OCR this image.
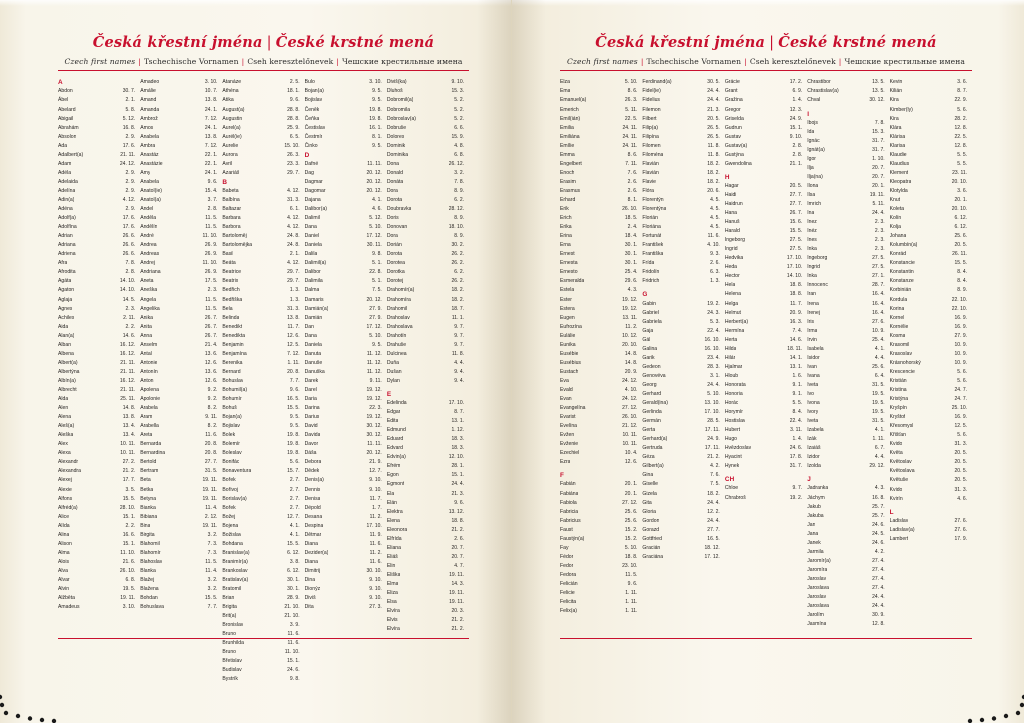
Česká křestní jména | České krstné mená
Czech first names | Tschechische Vornamen | Cseh keresztelőnevek | Чешские крестильные имена
A
Abdon	30. 7.
Ábel	2. 1.
Abelard	5. 8.
Abigail	5. 12.
Abrahám	16. 8.
Absolon	2. 9.
Ada	17. 6.
Adalbert(a)	21. 11.
Adam	24. 12.
Adéla	2. 9.
Adelaida	2. 9.
Adelína	2. 9.
Adin(a)	4. 12.
Adéna	2. 9.
Adolf(a)	17. 6.
Adolfína	17. 6.
Adrian	26. 6.
Adriana	26. 6.
Adriena	26. 6.
Afra	7. 8.
Afrodita	2. 8.
Agáta	14. 10.
Agaton	14. 10.
Aglaja	14. 5.
Agnes	2. 3.
Achiles	2. 11.
Aida	2. 2.
Alan(a)	14. 6.
Alban	16. 12.
Albena	16. 12.
Albert(a)	21. 11.
Albertýna	21. 11.
Albín(a)	16. 12.
Albrecht	21. 11.
Alda	25. 11.
Alen	14. 8.
Alena	13. 8.
Aleš(a)	13. 4.
Aleška	13. 4.
Alex	10. 11.
Alexa	10. 11.
Alexandr	27. 2.
Alexandra	21. 2.
Alexej	17. 7.
Alexie	3. 5.
Alfons	15. 5.
Alfréd(a)	28. 10.
Alice	15. 1.
Alída	2. 2.
Alina	16. 6.
Alison	15. 1.
Alma	11. 10.
Alois	21. 6.
Alva	26. 10.
Alvar	6. 8.
Alvin	19. 5.
Alžběta	19. 11.
Amadeus	3. 10.
Amadeo	3. 10.
Amálie	10. 7.
Amand	13. 8.
Amanda	24. 1.
Ambrož	7. 12.
Amos	24. 1.
Anabela	13. 8.
Ambra	7. 12.
Anastáz	22. 1.
Anastázie	22. 1.
Amy	24. 1.
Anabela	9. 6.
Anatol(ie)	15. 4.
Anatol(a)	3. 7.
Andel	2. 8.
Anděla	11. 5.
Andělín	11. 5.
André	11. 10.
Andrea	26. 9.
Andreas	26. 9.
Andrej	11. 10.
Andriana	26. 9.
Aneta	17. 5.
Aneška	2. 3.
Angela	11. 5.
Angelika	11. 5.
Anika	26. 7.
Anita	26. 7.
Anna	26. 7.
Anselm	21. 4.
Antal	13. 6.
Antonie	12. 6.
Antonín	13. 6.
Anton	12. 6.
Apolena	9. 2.
Apolonie	9. 2.
Arabela	8. 2.
Aram	9. 11.
Arabella	8. 2.
Areta	11. 6.
Bernarda	20. 8.
Bernardina	20. 8.
Bertold	27. 7.
Bertram	31. 5.
Beta	19. 11.
Betka	19. 11.
Betyna	19. 11.
Bianka	11. 4.
Bibiana	2. 12.
Bina	19. 11.
Birgita	3. 2.
Blahomil	7. 3.
Blahomír	7. 3.
Blahoslav	11. 5.
Blanka	11. 4.
Blažej	3. 2.
Blažena	3. 2.
Bohdan	15. 5.
Bohuslava	7. 7.
Atanáze	2. 5.
Athéna	18. 1.
Atika	9. 6.
August(a)	28. 8.
Augustin	28. 8.
Aurel(a)	25. 9.
Aurél(ie)	6. 5.
Aurelie	15. 10.
Aurora	26. 3.
Avril	23. 3.
Azariáš	29. 7.
B
Babeta	4. 12.
Balbína	31. 3.
Baltazar	6. 1.
Barbara	4. 12.
Barbora	4. 12.
Bartoloměj	24. 8.
Bartolomějka	24. 8.
Basil	2. 1.
Beáta	4. 12.
Beatrice	29. 7.
Beatrix	29. 7.
Bedřich	1. 3.
Bedřiška	1. 3.
Bela	31. 3.
Belinda	13. 8.
Benedikt	11. 7.
Benedikta	12. 6.
Benjamin	12. 5.
Benjamína	7. 12.
Berenika	1. 11.
Bernard	20. 8.
Bohuslav	7. 7.
Bohumil(a)	9. 6.
Bohumír	16. 5.
Bohuš	15. 5.
Bojan(a)	9. 5.
Bojislav	9. 5.
Bolek	19. 8.
Bolemír	19. 8.
Boleslav	19. 8.
Bonifác	5. 6.
Bonaventura	15. 7.
Bořek	2. 7.
Bořivoj	2. 7.
Borislav(a)	2. 7.
Bořek	2. 7.
Božej	12. 7.
Bojena	4. 1.
Božislav	4. 1.
Bohdana	15. 5.
Branislav(a)	6. 12.
Branimír(a)	3. 8.
Brankoslav	6. 12.
Bratislav(a)	30. 1.
Bratomil	30. 1.
Brian	28. 9.
Brigita	21. 10.
Brit(a)	21. 10.
Bronislav	3. 9.
Bruno	11. 6.
Brunhilda	11. 6.
Bruno	11. 10.
Břetislav	15. 1.
Budislav	24. 6.
Bystrík	9. 8.
Bulo	3. 10.
Bojan(a)	9. 5.
Bojislav	9. 5.
Čeněk	19. 8.
Čeňka	19. 8.
Čestislav	16. 1.
Čestmír	8. 1.
Činko	9. 5.
D
Dafné	11. 11.
Dag	20. 12.
Dagmar	20. 12.
Dagomar	20. 12.
Dajana	4. 1.
Dalibor(a)	4. 6.
Dalimil	5. 12.
Dana	5. 10.
Daniel	17. 12.
Daniela	30. 11.
Dalila	9. 8.
Dalimil(a)	5. 1.
Dalibor	22. 8.
Dalimila	5. 1.
Dalma	7. 5.
Damaris	20. 12.
Damián(a)	27. 9.
Damián	27. 9.
Dan	17. 12.
Dana	5. 10.
Daniela	9. 5.
Danuta	11. 12.
Danuše	11. 12.
Danuška	11. 12.
Darek	9. 11.
Darel	19. 12.
Daria	19. 12.
Darina	22. 3.
Darius	19. 12.
David	30. 12.
Davida	30. 12.
Davor	11. 11.
Dáša	20. 12.
Debora	21. 9.
Dědek	12. 7.
Denis(a)	9. 10.
Dennis	9. 10.
Denisa	11. 7.
Dépold	1. 7.
Desana	11. 2.
Despina	17. 10.
Dětmar	11. 9.
Diana	11. 6.
Dezider(a)	11. 2.
Diana	11. 6.
Dimitrij	30. 10.
Dina	9. 10.
Dionýz	9. 10.
Diviš	9. 10.
Dita	27. 3.
Diviš(ka)	9. 10.
Dluhoš	15. 3.
Dobromil(a)	5. 2.
Dobromila	5. 2.
Dobroslav(a)	5. 2.
Dobruše	6. 6.
Dolores	15. 9.
Dominik	4. 8.
Dominika	6. 8.
Dona	26. 12.
Donald	3. 2.
Donáta	7. 8.
Dora	8. 9.
Dorota	6. 2.
Doubravka	28. 12.
Doris	8. 9.
Donovan	18. 10.
Dora	8. 9.
Dorián	30. 2.
Dorota	26. 2.
Dorotea	26. 2.
Dorotka	6. 2.
Dorotej	26. 2.
Drahomír(a)	18. 2.
Drahomíra	18. 2.
Drahomil	18. 7.
Drahoslav	11. 1.
Drahoslava	9. 7.
Drahotín	9. 7.
Drahuše	9. 7.
Dulcinea	11. 8.
Duňa	4. 4.
Dušan	9. 4.
Dylan	9. 4.
E
Edelinda	17. 10.
Edgar	8. 7.
Edita	13. 1.
Edmund	1. 12.
Eduard	18. 3.
Edvard	18. 3.
Edvin(a)	12. 10.
Efrém	28. 1.
Egon	15. 1.
Egmont	24. 4.
Ela	21. 3.
Elán	9. 6.
Elektra	13. 12.
Elena	18. 8.
Eleonora	21. 2.
Elfrída	2. 6.
Eliana	20. 7.
Eliáš	20. 7.
Elin	4. 7.
Eliška	19. 11.
Elma	14. 3.
Eliza	19. 11.
Elsa	19. 11.
Elvíra	20. 3.
Elvis	21. 2.
Elvíra	21. 2.
Česká křestní jména | České krstné mená
Czech first names | Tschechische Vornamen | Cseh keresztelőnevek | Чешские крестильные имена
Elza	5. 10.
Ema	8. 6.
Emanuel(a)	26. 3.
Emerich	5. 11.
Emil(ián)	22. 5.
Emilia	24. 11.
Emiliána	24. 11.
Emílie	24. 11.
Emma	8. 6.
Engelbert	7. 11.
Enoch	7. 6.
Erasim	2. 6.
Erasmus	2. 6.
Erhard	8. 1.
Erik	26. 10.
Erich	18. 5.
Erika	2. 4.
Erina	18. 4.
Erna	30. 1.
Ernest	30. 1.
Ernesta	30. 1.
Ernesto	25. 4.
Esmeralda	29. 6.
Estela	4. 3.
Ester	19. 12.
Estera	19. 12.
Eugen	13. 11.
Eufrozína	11. 2.
Eulálie	10. 12.
Eunika	20. 10.
Eusébie	14. 8.
Eusébius	14. 8.
Eustach	20. 9.
Eva	24. 12.
Evald	4. 10.
Evan	24. 12.
Evangelína	27. 12.
Evarist	26. 10.
Evelína	21. 12.
Evžen	10. 11.
Evženie	10. 11.
Ezechiel	10. 4.
Ezra	12. 6.
F
Fabián	20. 1.
Fabiána	20. 1.
Fabiola	27. 12.
Fabricia	25. 6.
Fabricius	25. 6.
Faust	15. 2.
Faustýn(a)	15. 2.
Fay	5. 10.
Fédor	18. 8.
Fedor	23. 10.
Fedora	11. 5.
Felicián	9. 6.
Felicie	1. 11.
Felicita	1. 11.
Felix(a)	1. 11.
Ferdinand(a)	30. 5.
Fidel(ie)	24. 4.
Fidelius	24. 4.
Filemon	21. 3.
Filbert	20. 5.
Filip(a)	26. 5.
Filipína	26. 5.
Filomen	11. 8.
Filoména	11. 8.
Flavián	18. 2.
Flavián	18. 2.
Flavie	18. 2.
Flóra	20. 6.
Florentýn	4. 5.
Florentýna	4. 5.
Florián	4. 5.
Floriána	4. 5.
Fortunát	11. 6.
František	4. 10.
Františka	9. 3.
Frída	2. 6.
Fridolín	6. 3.
Fridrich	1. 3.
G
Gabin	19. 2.
Gabriel	24. 3.
Gabriela	5. 3.
Gaja	22. 4.
Gál	16. 10.
Galina	16. 10.
Garik	23. 4.
Gedeon	28. 3.
Genovéva	3. 1.
Georg	24. 4.
Gerhard	5. 10.
Gerald(ina)	13. 10.
Gerlinda	17. 10.
Germán	28. 5.
Gerta	17. 11.
Gerhard(a)	24. 9.
Gertruda	17. 11.
Géza	21. 2.
Gilbert(a)	4. 2.
Gina	7. 6.
Giselle	7. 5.
Gizela	18. 2.
Gita	24. 4.
Gloria	12. 2.
Gordon	24. 4.
Gorazd	27. 7.
Gottfried	16. 5.
Gracián	18. 12.
Graciána	17. 12.
Grácie	17. 2.
Grant	6. 9.
Gražina	1. 4.
Gregor	12. 3.
Griselda	24. 9.
Gudrun	15. 1.
Gustav	9. 10.
Gustav(a)	2. 8.
Gustýna	2. 8.
Gwendolina	21. 1.
H
Hagar	20. 5.
Haidi	27. 7.
Haidrun	27. 7.
Hana	26. 7.
Hanuš	15. 6.
Harald	15. 5.
Ingeborg	27. 5.
Ingrid	27. 5.
Hedvika	17. 10.
Heda	17. 10.
Hector	14. 10.
Hela	18. 8.
Helena	18. 8.
Helga	11. 7.
Helmut	20. 9.
Herbert(a)	16. 3.
Hermína	7. 4.
Herta	14. 6.
Hilda	18. 11.
Hilár	14. 1.
Hjalmar	13. 1.
Hloub	1. 6.
Honorata	9. 1.
Honoria	9. 1.
Horác	5. 5.
Horymír	8. 4.
Hostislav	22. 4.
Hubert	3. 11.
Hugo	1. 4.
Hvězdoslav	24. 6.
Hyacint	17. 8.
Hynek	31. 7.
CH
Chloe	9. 7.
Chrabroš	19. 2.
Chrastibor	13. 5.
Chrastislav(a)	13. 5.
Chval	30. 12.
I
Ibojs	7. 8.
Ida	15. 3.
Ignác	31. 7.
Ignát(a)	31. 7.
Igor	1. 10.
Ilja	20. 7.
Ilja(na)	20. 7.
Ilona	20. 1.
Ilsa	19. 11.
Imrich	5. 11.
Ina	24. 4.
Inez	2. 3.
Inéz	2. 3.
Ines	2. 3.
Inka	2. 3.
Ingeborg	27. 5.
Ingrid	27. 5.
Inka	27. 1.
Innocenc	28. 7.
Iran	16. 4.
Irena	16. 4.
Irenej	16. 4.
Iris	27. 6.
Irma	10. 9.
Irvin	25. 4.
Isabela	4. 1.
Isidor	4. 4.
Ivan	25. 6.
Ivana	6. 4.
Iveta	31. 5.
Ivo	19. 5.
Ivona	19. 5.
Ivory	19. 5.
Iveta	31. 5.
Izabela	4. 1.
Izák	1. 11.
Izaiáš	6. 7.
Izidor	4. 4.
Izolda	29. 12.
J
Jadranka	4. 3.
Jáchym	16. 8.
Jakub	25. 7.
Jakuba	25. 7.
Jan	24. 6.
Jana	24. 5.
Janek	24. 6.
Jarmila	4. 2.
Jaromír(a)	27. 4.
Jaromíra	27. 4.
Jaroslav	27. 4.
Jaroslava	27. 4.
Jaroslav	24. 4.
Jaroslava	24. 4.
Jarolím	30. 9.
Jasmína	12. 8.
Kevin	3. 6.
Kilián	8. 7.
Kira	22. 9.
Kimber(ly)	5. 6.
Kira	28. 2.
Klára	12. 8.
Klárisa	22. 5.
Klarisa	12. 8.
Klaudie	5. 5.
Klaudius	5. 5.
Klement	23. 11.
Kleopatra	20. 10.
Klotylda	3. 6.
Knut	20. 1.
Koleta	20. 10.
Kolín	6. 12.
Kolja	6. 12.
Johana	25. 6.
Kolumbín(a)	20. 5.
Konrád	26. 11.
Konstancie	15. 5.
Konstantin	8. 4.
Konstanze	8. 4.
Korbinián	8. 9.
Kordula	22. 10.
Korina	22. 10.
Kornel	16. 9.
Kornélie	16. 9.
Kosma	27. 9.
Krasomil	10. 9.
Krasoslav	10. 9.
Krásnohorský	10. 9.
Krescencie	5. 6.
Kristián	5. 6.
Kristina	24. 7.
Kristýna	24. 7.
Kryšpín	25. 10.
Kryštof	16. 9.
Křesomysl	12. 5.
Křišťan	5. 6.
Kvido	31. 3.
Květa	20. 5.
Květoslav	20. 5.
Květoslava	20. 5.
Květuše	20. 5.
Kvido	31. 3.
Kvirín	4. 6.
L
Ladislav	27. 6.
Ladislav(a)	27. 6.
Lambert	17. 9.
